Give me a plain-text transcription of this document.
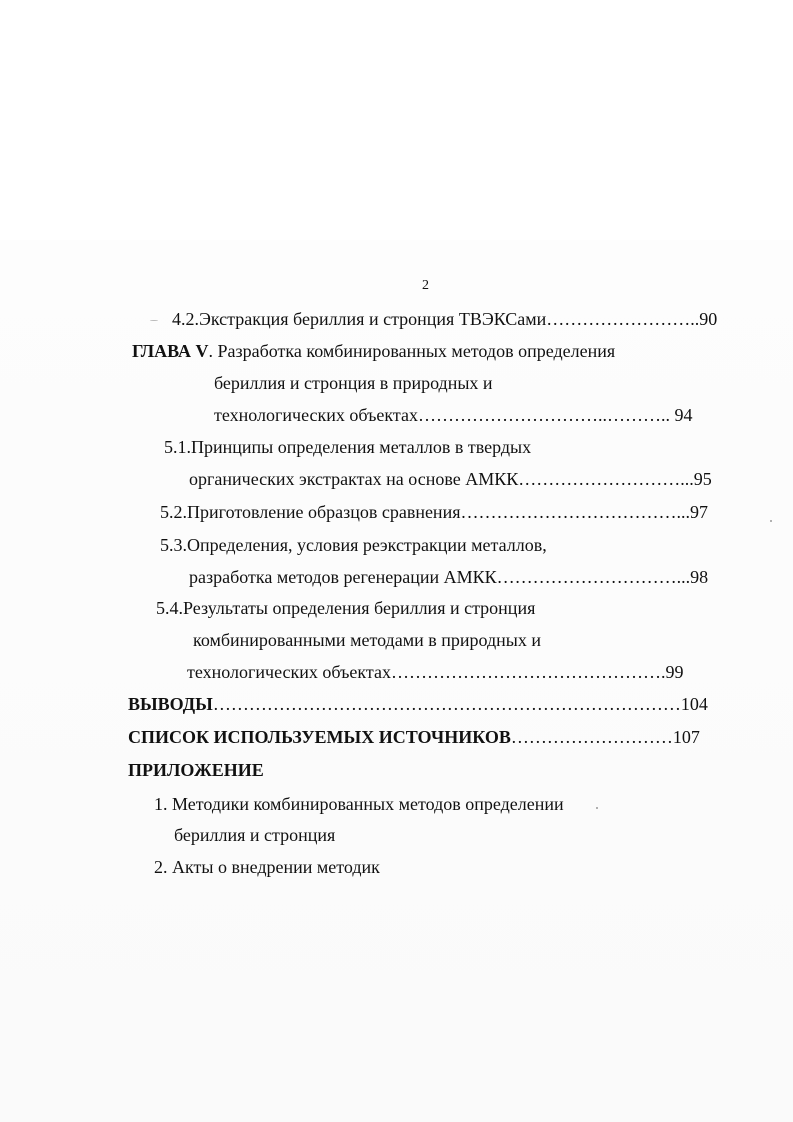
2
4.2.Экстракция бериллия и стронция ТВЭКСами……………………..90
ГЛАВА V. Разработка комбинированных методов определения
бериллия и стронция в природных и
технологических объектах…………………………..……….. 94
5.1.Принципы определения металлов в твердых
органических экстрактах на основе АМКК………………………...95
5.2.Приготовление образцов сравнения………………………………...97
5.3.Определения, условия реэкстракции металлов,
разработка методов регенерации АМКК…………………………...98
5.4.Результаты определения бериллия и стронция
комбинированными методами в природных и
технологических объектах……………………………………….99
ВЫВОДЫ……………………………………………………………………104
СПИСОК ИСПОЛЬЗУЕМЫХ ИСТОЧНИКОВ………………………107
ПРИЛОЖЕНИЕ
1. Методики комбинированных методов определении
бериллия и стронция
2. Акты о внедрении методик
